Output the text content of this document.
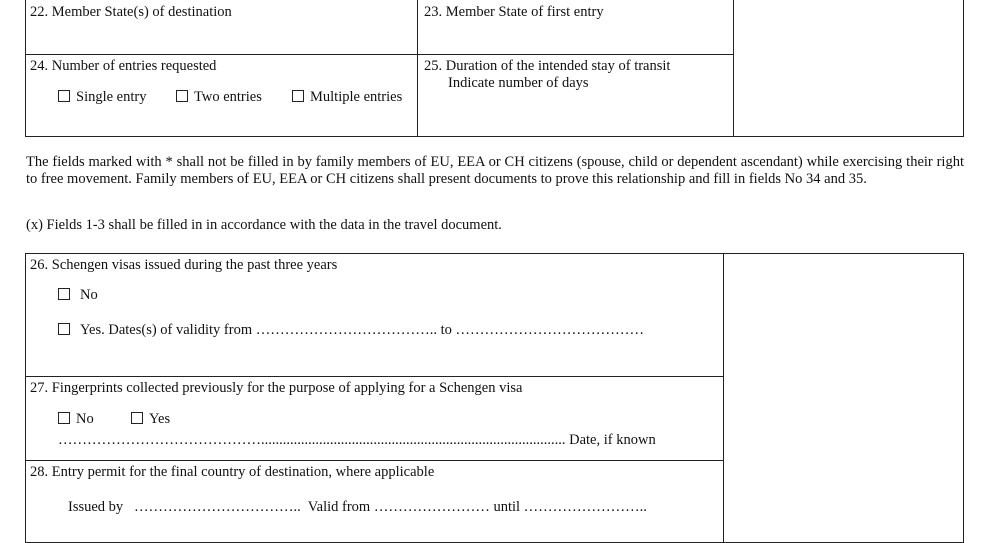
22. Member State(s) of destination	23. Member State of first entry
24. Number of entries requested
Single entry	Two entries	Multiple entries
25. Duration of the intended stay of transit
Indicate number of days
The fields marked with * shall not be filled in by family members of EU, EEA or CH citizens (spouse, child or dependent ascendant) while exercising their right to free movement. Family members of EU, EEA or CH citizens shall present documents to prove this relationship and fill in fields No 34 and 35.
(x) Fields 1-3 shall be filled in in accordance with the data in the travel document.
26. Schengen visas issued during the past three years
No
Yes. Dates(s) of validity from ……………………………….. to …………………………………
27. Fingerprints collected previously for the purpose of applying for a Schengen visa
No	Yes
…………………………………….................................................................................... Date, if known
28. Entry permit for the final country of destination, where applicable
Issued by   ……………………………..  Valid from …………………… until ……………………..
